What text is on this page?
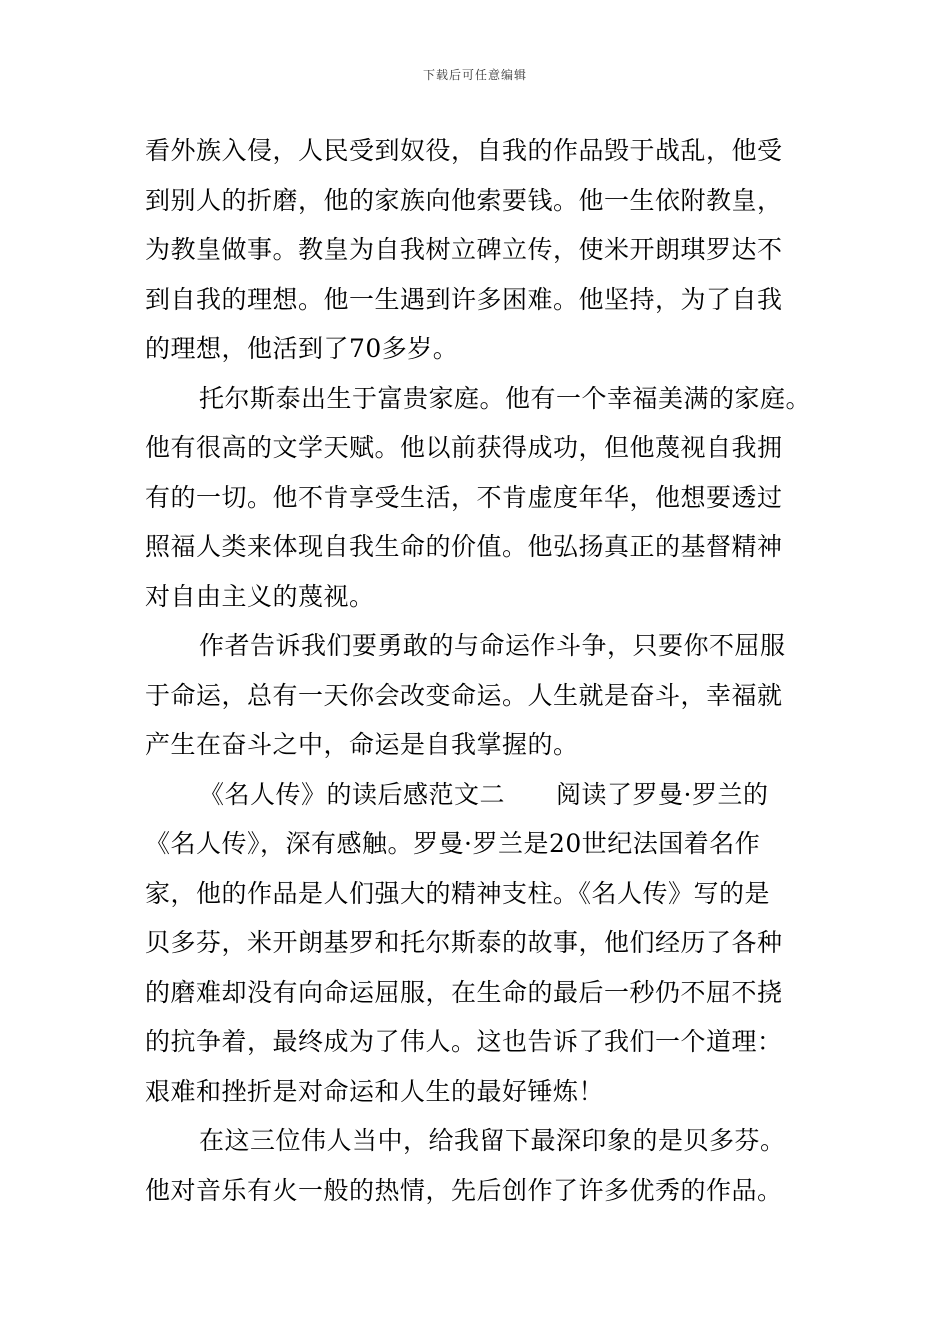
下载后可任意编辑
看外族入侵，人民受到奴役，自我的作品毁于战乱，他受
到别人的折磨，他的家族向他索要钱。他一生依附教皇，
为教皇做事。教皇为自我树立碑立传，使米开朗琪罗达不
到自我的理想。他一生遇到许多困难。他坚持，为了自我
的理想，他活到了70多岁。
托尔斯泰出生于富贵家庭。他有一个幸福美满的家庭。
他有很高的文学天赋。他以前获得成功，但他蔑视自我拥
有的一切。他不肯享受生活，不肯虚度年华，他想要透过
照福人类来体现自我生命的价值。他弘扬真正的基督精神
对自由主义的蔑视。
作者告诉我们要勇敢的与命运作斗争，只要你不屈服
于命运，总有一天你会改变命运。人生就是奋斗，幸福就
产生在奋斗之中，命运是自我掌握的。
《名人传》的读后感范文二　　阅读了罗曼·罗兰的
《名人传》，深有感触。罗曼·罗兰是20世纪法国着名作
家，他的作品是人们强大的精神支柱。《名人传》写的是
贝多芬，米开朗基罗和托尔斯泰的故事，他们经历了各种
的磨难却没有向命运屈服，在生命的最后一秒仍不屈不挠
的抗争着，最终成为了伟人。这也告诉了我们一个道理：
艰难和挫折是对命运和人生的最好锤炼！
在这三位伟人当中，给我留下最深印象的是贝多芬。
他对音乐有火一般的热情，先后创作了许多优秀的作品。
